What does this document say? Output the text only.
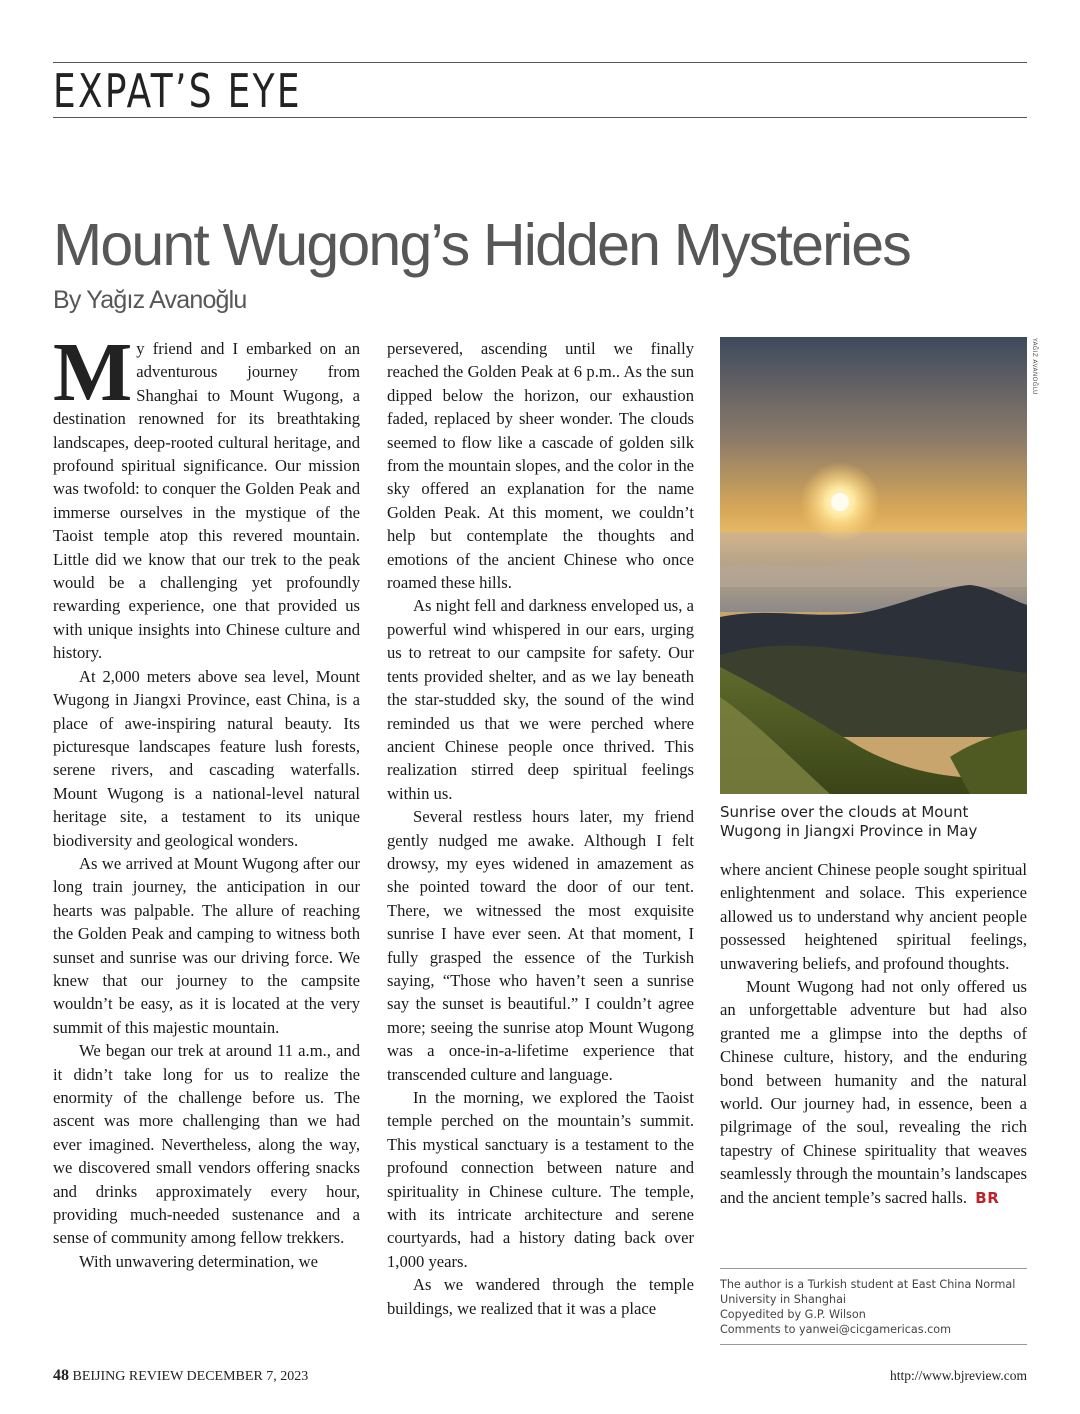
EXPAT’S EYE
Mount Wugong’s Hidden Mysteries
By Yağız Avanoğlu

My friend and I embarked on an adventurous journey from Shanghai to Mount Wugong, a destination renowned for its breathtaking landscapes, deep-rooted cultural heritage, and profound spiritual significance. Our mission was twofold: to conquer the Golden Peak and immerse ourselves in the mystique of the Taoist temple atop this revered mountain. Little did we know that our trek to the peak would be a challenging yet profoundly rewarding experience, one that provided us with unique insights into Chinese culture and history.

At 2,000 meters above sea level, Mount Wugong in Jiangxi Province, east China, is a place of awe-inspiring natural beauty. Its picturesque landscapes feature lush forests, serene rivers, and cascading waterfalls. Mount Wugong is a national-level natural heritage site, a testament to its unique biodiversity and geological wonders.

As we arrived at Mount Wugong after our long train journey, the anticipation in our hearts was palpable. The allure of reaching the Golden Peak and camping to witness both sunset and sunrise was our driving force. We knew that our journey to the campsite wouldn’t be easy, as it is located at the very summit of this majestic mountain.

We began our trek at around 11 a.m., and it didn’t take long for us to realize the enormity of the challenge before us. The ascent was more challenging than we had ever imagined. Nevertheless, along the way, we discovered small vendors offering snacks and drinks approximately every hour, providing much-needed sustenance and a sense of community among fellow trekkers.

With unwavering determination, we

persevered, ascending until we finally reached the Golden Peak at 6 p.m.. As the sun dipped below the horizon, our exhaustion faded, replaced by sheer wonder. The clouds seemed to flow like a cascade of golden silk from the mountain slopes, and the color in the sky offered an explanation for the name Golden Peak. At this moment, we couldn’t help but contemplate the thoughts and emotions of the ancient Chinese who once roamed these hills.

As night fell and darkness enveloped us, a powerful wind whispered in our ears, urging us to retreat to our campsite for safety. Our tents provided shelter, and as we lay beneath the star-studded sky, the sound of the wind reminded us that we were perched where ancient Chinese people once thrived. This realization stirred deep spiritual feelings within us.

Several restless hours later, my friend gently nudged me awake. Although I felt drowsy, my eyes widened in amazement as she pointed toward the door of our tent. There, we witnessed the most exquisite sunrise I have ever seen. At that moment, I fully grasped the essence of the Turkish saying, “Those who haven’t seen a sunrise say the sunset is beautiful.” I couldn’t agree more; seeing the sunrise atop Mount Wugong was a once-in-a-lifetime experience that transcended culture and language.

In the morning, we explored the Taoist temple perched on the mountain’s summit. This mystical sanctuary is a testament to the profound connection between nature and spirituality in Chinese culture. The temple, with its intricate architecture and serene courtyards, had a history dating back over 1,000 years.

As we wandered through the temple buildings, we realized that it was a place

YAĞIZ AVANOĞLU
Sunrise over the clouds at Mount Wugong in Jiangxi Province in May

where ancient Chinese people sought spiritual enlightenment and solace. This experience allowed us to understand why ancient people possessed heightened spiritual feelings, unwavering beliefs, and profound thoughts.

Mount Wugong had not only offered us an unforgettable adventure but had also granted me a glimpse into the depths of Chinese culture, history, and the enduring bond between humanity and the natural world. Our journey had, in essence, been a pilgrimage of the soul, revealing the rich tapestry of Chinese spirituality that weaves seamlessly through the mountain’s landscapes and the ancient temple’s sacred halls. BR

The author is a Turkish student at East China Normal University in Shanghai
Copyedited by G.P. Wilson
Comments to yanwei@cicgamericas.com
48 BEIJING REVIEW DECEMBER 7, 2023	http://www.bjreview.com
